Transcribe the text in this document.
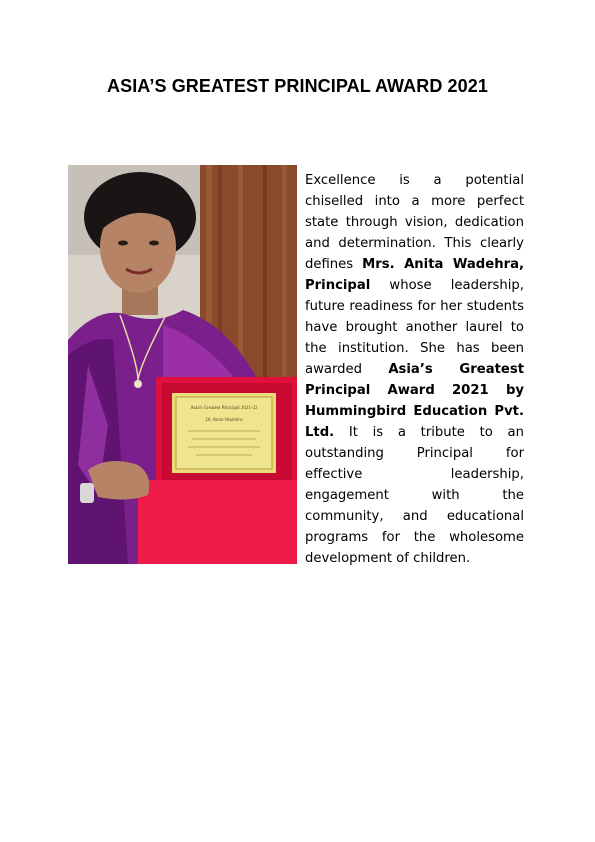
ASIA’S GREATEST PRINCIPAL AWARD 2021
Asia's Greatest Principal 2021-22
Dr. Anita Wadehra

Excellence is a potential chiselled into a more perfect state through vision, dedication and determination. This clearly defines Mrs. Anita Wadehra, Principal whose leadership, future readiness for her students have brought another laurel to the institution. She has been awarded Asia’s Greatest Principal Award 2021 by Hummingbird Education Pvt. Ltd. It is a tribute to an outstanding Principal for effective leadership, engagement with the community, and educational programs for the wholesome development of children.
